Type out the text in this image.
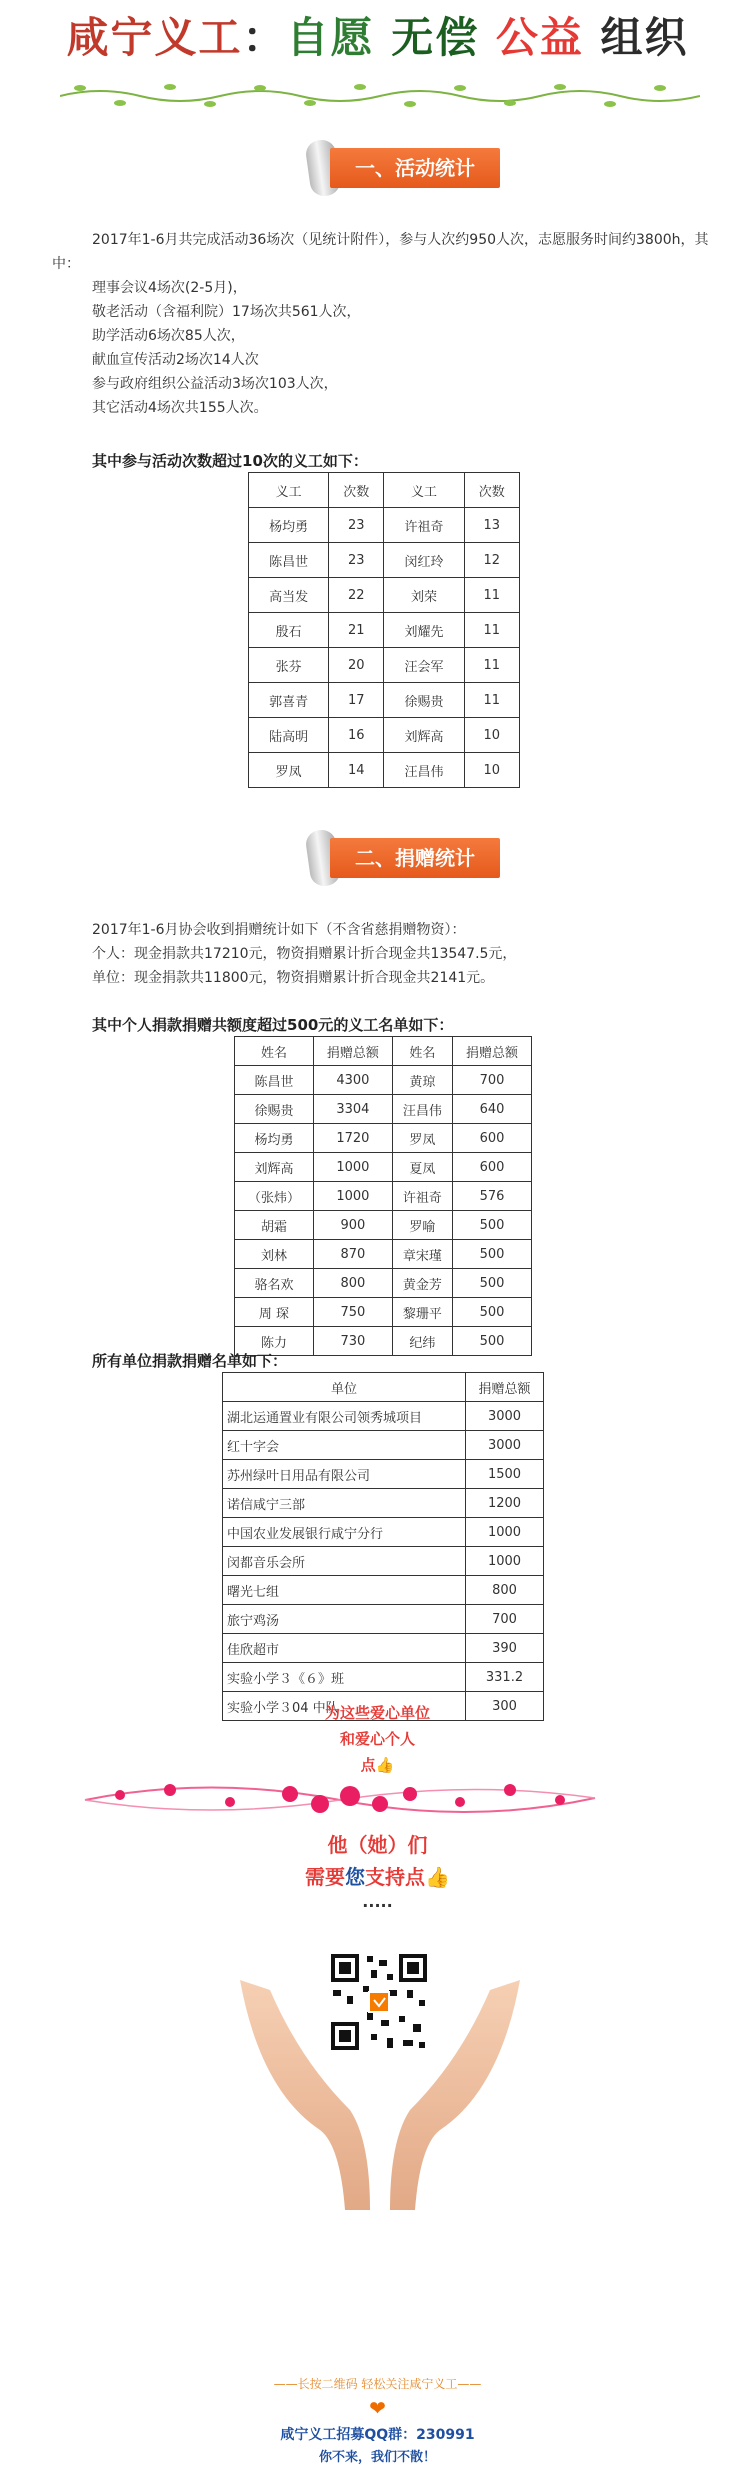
咸宁义工：自愿 无偿 公益 组织
一、活动统计

2017年1-6月共完成活动36场次（见统计附件），参与人次约950人次，志愿服务时间约3800h，其中：

理事会议4场次(2-5月)，

敬老活动（含福利院）17场次共561人次，

助学活动6场次85人次，

献血宣传活动2场次14人次

参与政府组织公益活动3场次103人次，

其它活动4场次共155人次。

其中参与活动次数超过10次的义工如下：
义工	次数	义工	次数
杨均勇	23	许祖奇	13
陈昌世	23	闵红玲	12
高当发	22	刘荣	11
殷石	21	刘耀先	11
张芬	20	汪会军	11
郭喜青	17	徐赐贵	11
陆高明	16	刘辉高	10
罗凤	14	汪昌伟	10
二、捐赠统计

2017年1-6月协会收到捐赠统计如下（不含省慈捐赠物资）：

个人：现金捐款共17210元，物资捐赠累计折合现金共13547.5元，

单位：现金捐款共11800元，物资捐赠累计折合现金共2141元。

其中个人捐款捐赠共额度超过500元的义工名单如下：
姓名	捐赠总额	姓名	捐赠总额
陈昌世	4300	黄琼	700
徐赐贵	3304	汪昌伟	640
杨均勇	1720	罗凤	600
刘辉高	1000	夏凤	600
（张炜）	1000	许祖奇	576
胡霜	900	罗喻	500
刘林	870	章宋瑾	500
骆名欢	800	黄金芳	500
周 琛	750	黎珊平	500
陈力	730	纪纬	500
所有单位捐款捐赠名单如下：
单位	捐赠总额
湖北运通置业有限公司领秀城项目	3000
红十字会	3000
苏州绿叶日用品有限公司	1500
诺信咸宁三部	1200
中国农业发展银行咸宁分行	1000
闵都音乐会所	1000
曙光七组	800
旅宁鸡汤	700
佳欣超市	390
实验小学３《６》班	331.2
实验小学３04 中队	300
为这些爱心单位
和爱心个人
点👍
他（她）们
需要您支持点👍
.....
——长按二维码 轻松关注咸宁义工——
❤
咸宁义工招募QQ群：230991
你不来，我们不散！
